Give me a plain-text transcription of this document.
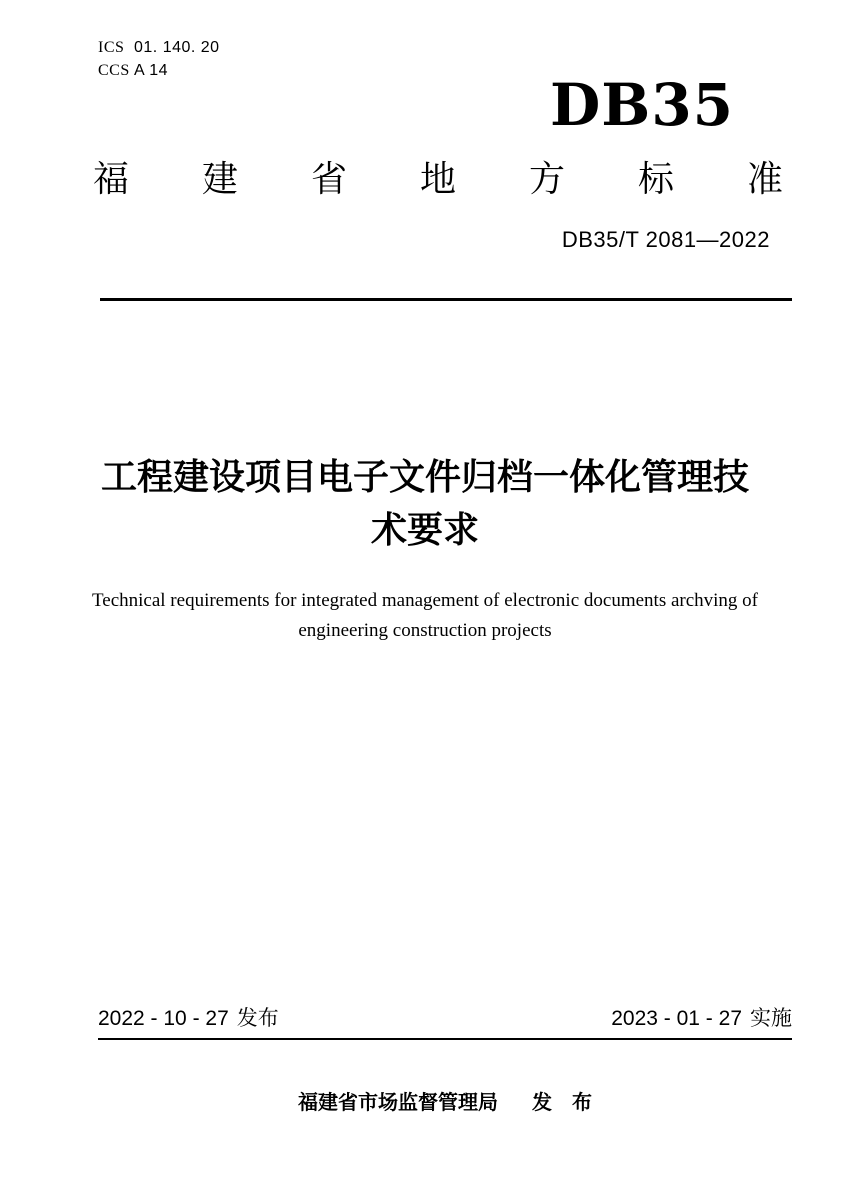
ICS 01. 140. 20
CCS A 14
DB35
福建省地方标准
DB35/T 2081—2022
工程建设项目电子文件归档一体化管理技术要求

Technical requirements for integrated management of electronic documents archving of engineering construction projects

2022 - 10 - 27 发布	2023 - 01 - 27 实施
福建省市场监督管理局 发　布
